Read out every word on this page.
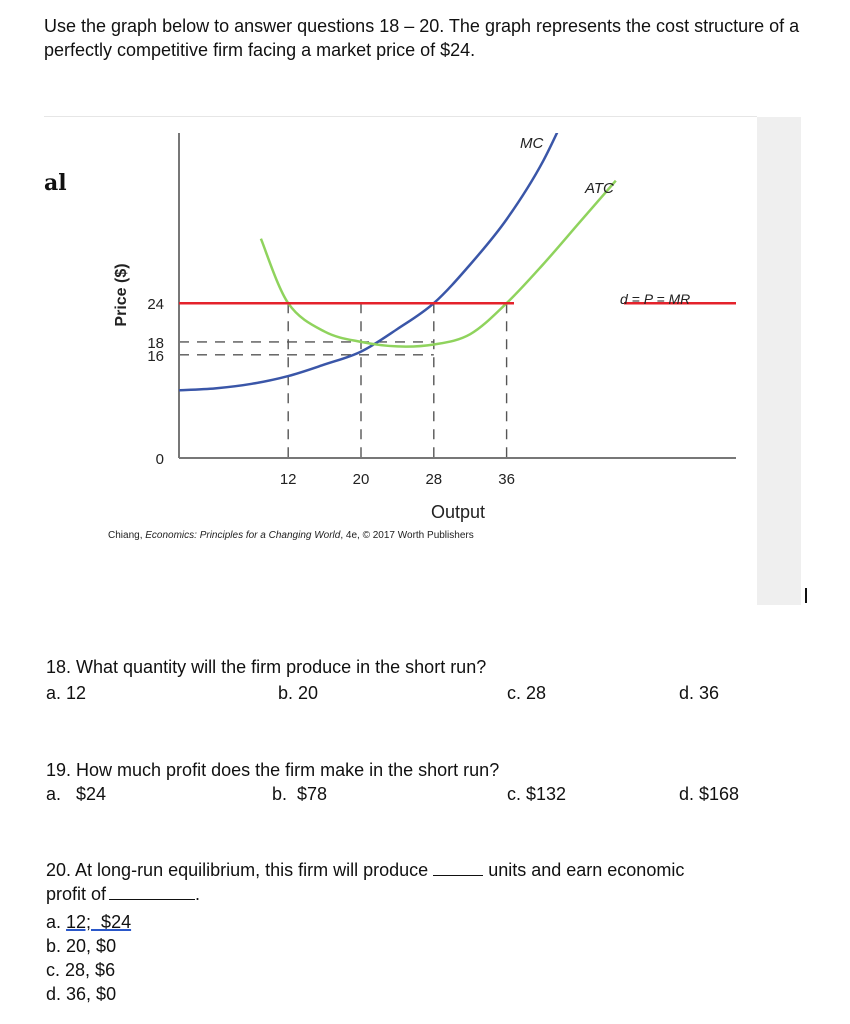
Use the graph below to answer questions 18 – 20. The graph represents the cost structure of a perfectly competitive firm facing a market price of $24.
al
0
16
18
24
12	20	28	36
Price ($)
Output
MC
ATC
d = P = MR
Chiang, Economics: Principles for a Changing World, 4e, © 2017 Worth Publishers
18. What quantity will the firm produce in the short run?
a. 12	b. 20	c. 28	d. 36
19. How much profit does the firm make in the short run?
a.   $24	b.  $78	c. $132	d. $168
20. At long-run equilibrium, this firm will produce	units and earn economic
profit of	.
a. 12;  $24
b. 20, $0
c. 28, $6
d. 36, $0
